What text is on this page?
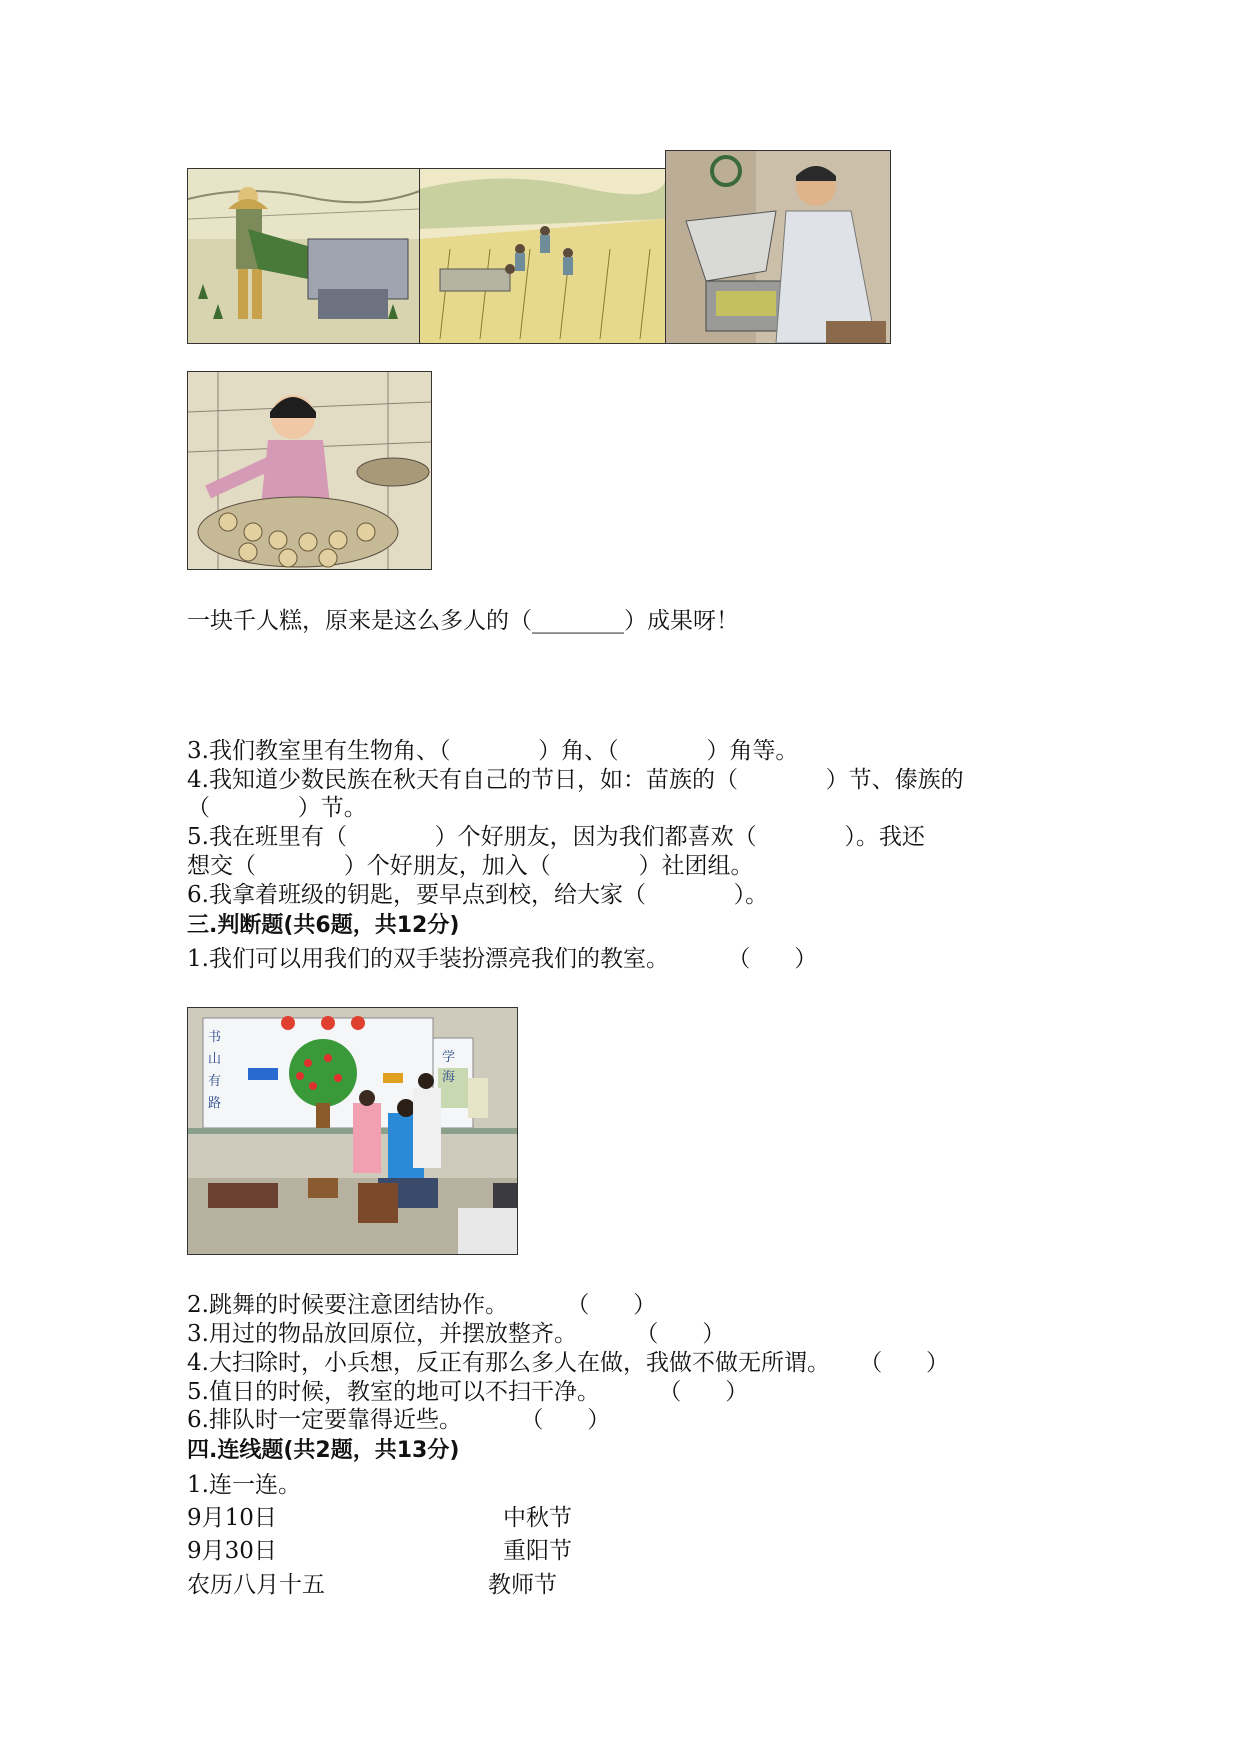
一块千人糕，原来是这么多人的（________）成果呀！
3.我们教室里有生物角、（            ）角、（            ）角等。
4.我知道少数民族在秋天有自己的节日，如：苗族的（            ）节、傣族的
（            ）节。
5.我在班里有（            ）个好朋友，因为我们都喜欢（            ）。我还
想交（            ）个好朋友，加入（            ）社团组。
6.我拿着班级的钥匙，要早点到校，给大家（            ）。
三.判断题(共6题，共12分)
1.我们可以用我们的双手装扮漂亮我们的教室。        （      ）
书
山
有
路
学
海
2.跳舞的时候要注意团结协作。        （      ）
3.用过的物品放回原位，并摆放整齐。        （      ）
4.大扫除时，小兵想，反正有那么多人在做，我做不做无所谓。    （      ）
5.值日的时候，教室的地可以不扫干净。        （      ）
6.排队时一定要靠得近些。        （      ）
四.连线题(共2题，共13分)
1.连一连。
9月10日
9月30日
农历八月十五
中秋节
重阳节
教师节
